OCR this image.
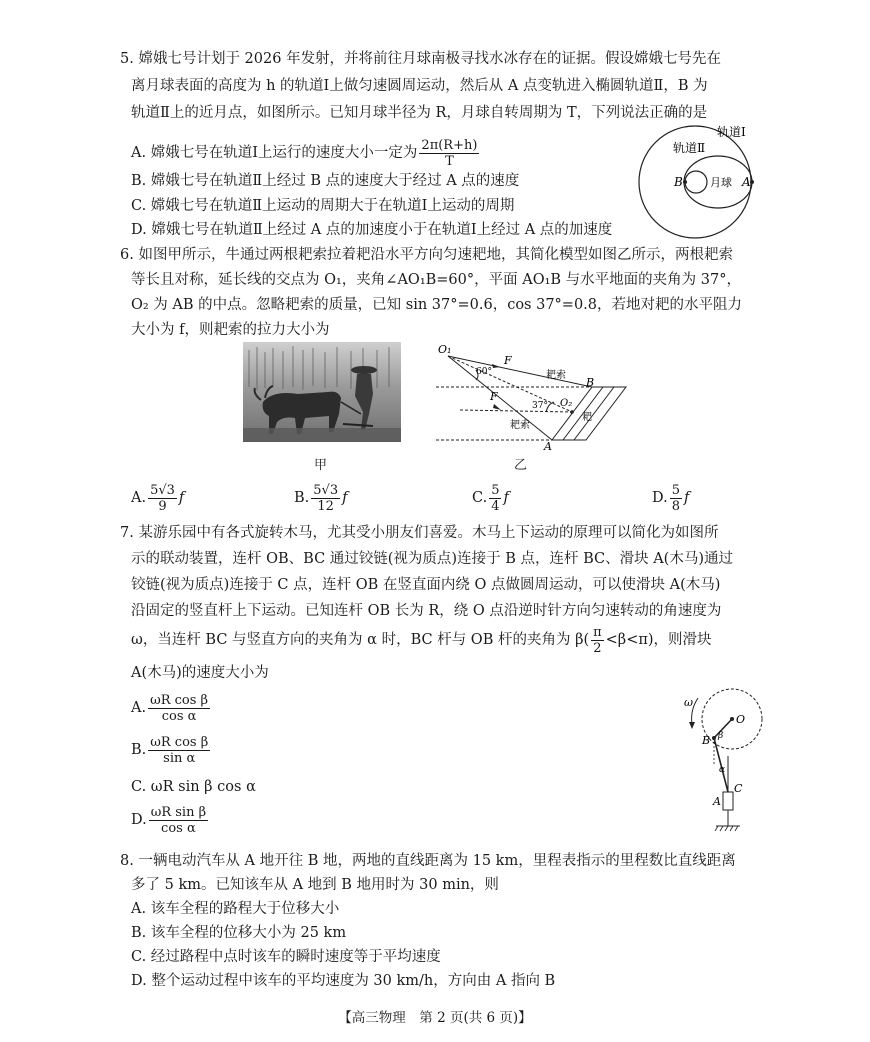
5. 嫦娥七号计划于 2026 年发射，并将前往月球南极寻找水冰存在的证据。假设嫦娥七号先在
离月球表面的高度为 h 的轨道Ⅰ上做匀速圆周运动，然后从 A 点变轨进入椭圆轨道Ⅱ，B 为
轨道Ⅱ上的近月点，如图所示。已知月球半径为 R，月球自转周期为 T，下列说法正确的是
A. 嫦娥七号在轨道Ⅰ上运行的速度大小一定为 $\frac{2\pi(R+h)}{T}$
B. 嫦娥七号在轨道Ⅱ上经过 B 点的速度大于经过 A 点的速度
C. 嫦娥七号在轨道Ⅱ上运动的周期大于在轨道Ⅰ上运动的周期
D. 嫦娥七号在轨道Ⅱ上经过 A 点的加速度小于在轨道Ⅰ上经过 A 点的加速度
轨道Ⅰ
轨道Ⅱ
月球
B	A
6. 如图甲所示，牛通过两根耙索拉着耙沿水平方向匀速耙地，其简化模型如图乙所示，两根耙索
等长且对称，延长线的交点为 O₁，夹角∠AO₁B=60°，平面 AO₁B 与水平地面的夹角为 37°，
O₂ 为 AB 的中点。忽略耙索的质量，已知 sin 37°=0.6，cos 37°=0.8，若地对耙的水平阻力
大小为 f，则耙索的拉力大小为
甲
O₁
F
60°
F
37° O₂
耙索
耙索
耙
B
A
乙
A. $\frac{5√3}{9}$ f	B. $\frac{5√3}{12}$ f	C. $\frac{5}{4}$ f	D. $\frac{5}{8}$ f
7. 某游乐园中有各式旋转木马，尤其受小朋友们喜爱。木马上下运动的原理可以简化为如图所
示的联动装置，连杆 OB、BC 通过铰链(视为质点)连接于 B 点，连杆 BC、滑块 A(木马)通过
铰链(视为质点)连接于 C 点，连杆 OB 在竖直面内绕 O 点做圆周运动，可以使滑块 A(木马)
沿固定的竖直杆上下运动。已知连杆 OB 长为 R，绕 O 点沿逆时针方向匀速转动的角速度为
ω，当连杆 BC 与竖直方向的夹角为 α 时，BC 杆与 OB 杆的夹角为 $\beta( \frac{\pi}{2} <\beta<\pi)$，则滑块
A(木马)的速度大小为
A. $\frac{\text{ωR cos β}}{\text{cos α}}$
B. $\frac{\text{ωR cos β}}{\text{sin α}}$
C. ωR sin β cos α
D. $\frac{\text{ωR sin β}}{\text{cos α}}$
ω
O
B β
α
C
A
8. 一辆电动汽车从 A 地开往 B 地，两地的直线距离为 15 km，里程表指示的里程数比直线距离
多了 5 km。已知该车从 A 地到 B 地用时为 30 min，则
A. 该车全程的路程大于位移大小
B. 该车全程的位移大小为 25 km
C. 经过路程中点时该车的瞬时速度等于平均速度
D. 整个运动过程中该车的平均速度为 30 km/h，方向由 A 指向 B
【高三物理　第 2 页(共 6 页)】
